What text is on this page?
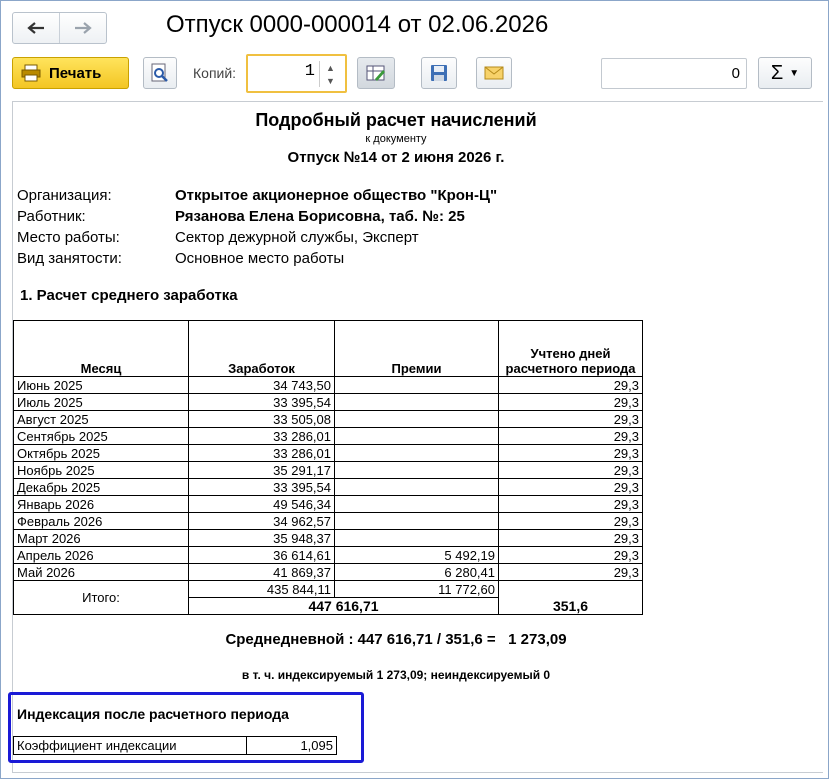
Отпуск 0000-000014 от 02.06.2026
Печать	Копий:	1 ▲
▼	0	Σ ▼
Подробный расчет начислений
к документу
Отпуск №14 от 2 июня 2026 г.
Организация:	Открытое акционерное общество "Крон-Ц"
Работник:	Рязанова Елена Борисовна, таб. №: 25
Место работы:	Сектор дежурной службы, Эксперт
Вид занятости:	Основное место работы
1. Расчет среднего заработка
Месяц	Заработок	Премии	Учтено дней расчетного периода
Июнь 2025	34 743,50		29,3
Июль 2025	33 395,54		29,3
Август 2025	33 505,08		29,3
Сентябрь 2025	33 286,01		29,3
Октябрь 2025	33 286,01		29,3
Ноябрь 2025	35 291,17		29,3
Декабрь 2025	33 395,54		29,3
Январь 2026	49 546,34		29,3
Февраль 2026	34 962,57		29,3
Март 2026	35 948,37		29,3
Апрель 2026	36 614,61	5 492,19	29,3
Май 2026	41 869,37	6 280,41	29,3
Итого:	435 844,11	11 772,60	351,6
	447 616,71		
Среднедневной : 447 616,71 / 351,6 =   1 273,09
в т. ч. индексируемый 1 273,09; неиндексируемый 0
Индексация после расчетного периода
Коэффициент индексации	1,095
